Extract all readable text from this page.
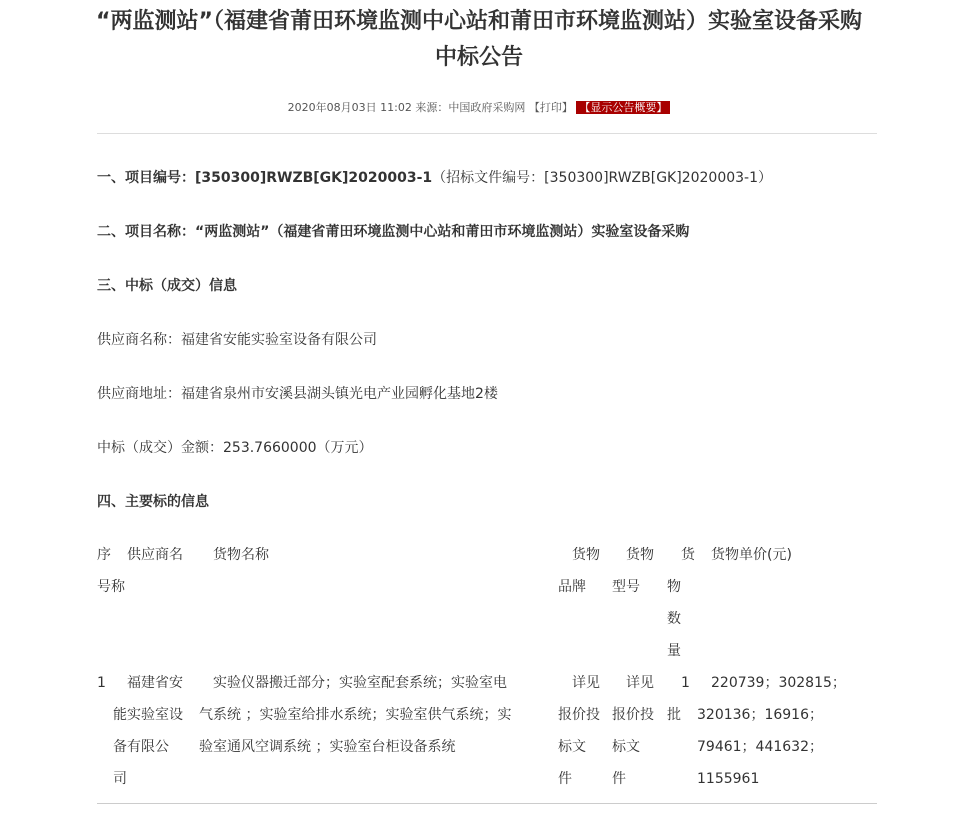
“两监测站”（福建省莆田环境监测中心站和莆田市环境监测站）实验室设备采购
中标公告
2020年08月03日 11:02 来源：中国政府采购网 【打印】 【显示公告概要】
一、项目编号：[350300]RWZB[GK]2020003-1（招标文件编号：[350300]RWZB[GK]2020003-1）
二、项目名称：“两监测站”（福建省莆田环境监测中心站和莆田市环境监测站）实验室设备采购
三、中标（成交）信息
供应商名称：福建省安能实验室设备有限公司
供应商地址：福建省泉州市安溪县湖头镇光电产业园孵化基地2楼
中标（成交）金额：253.7660000（万元）
四、主要标的信息
序
号
供应商名
称
货物名称	货物
品牌
货物
型号
货
物
数
量
货物单价(元)
1	福建省安
能实验室设
备有限公
司
实验仪器搬迁部分；实验室配套系统；实验室电
气系统 ；实验室给排水系统；实验室供气系统；实
验室通风空调系统 ；实验室台柜设备系统
详见
报价投
标文
件
详见
报价投
标文
件
1
批
220739；302815；
320136；16916；
79461；441632；
1155961
